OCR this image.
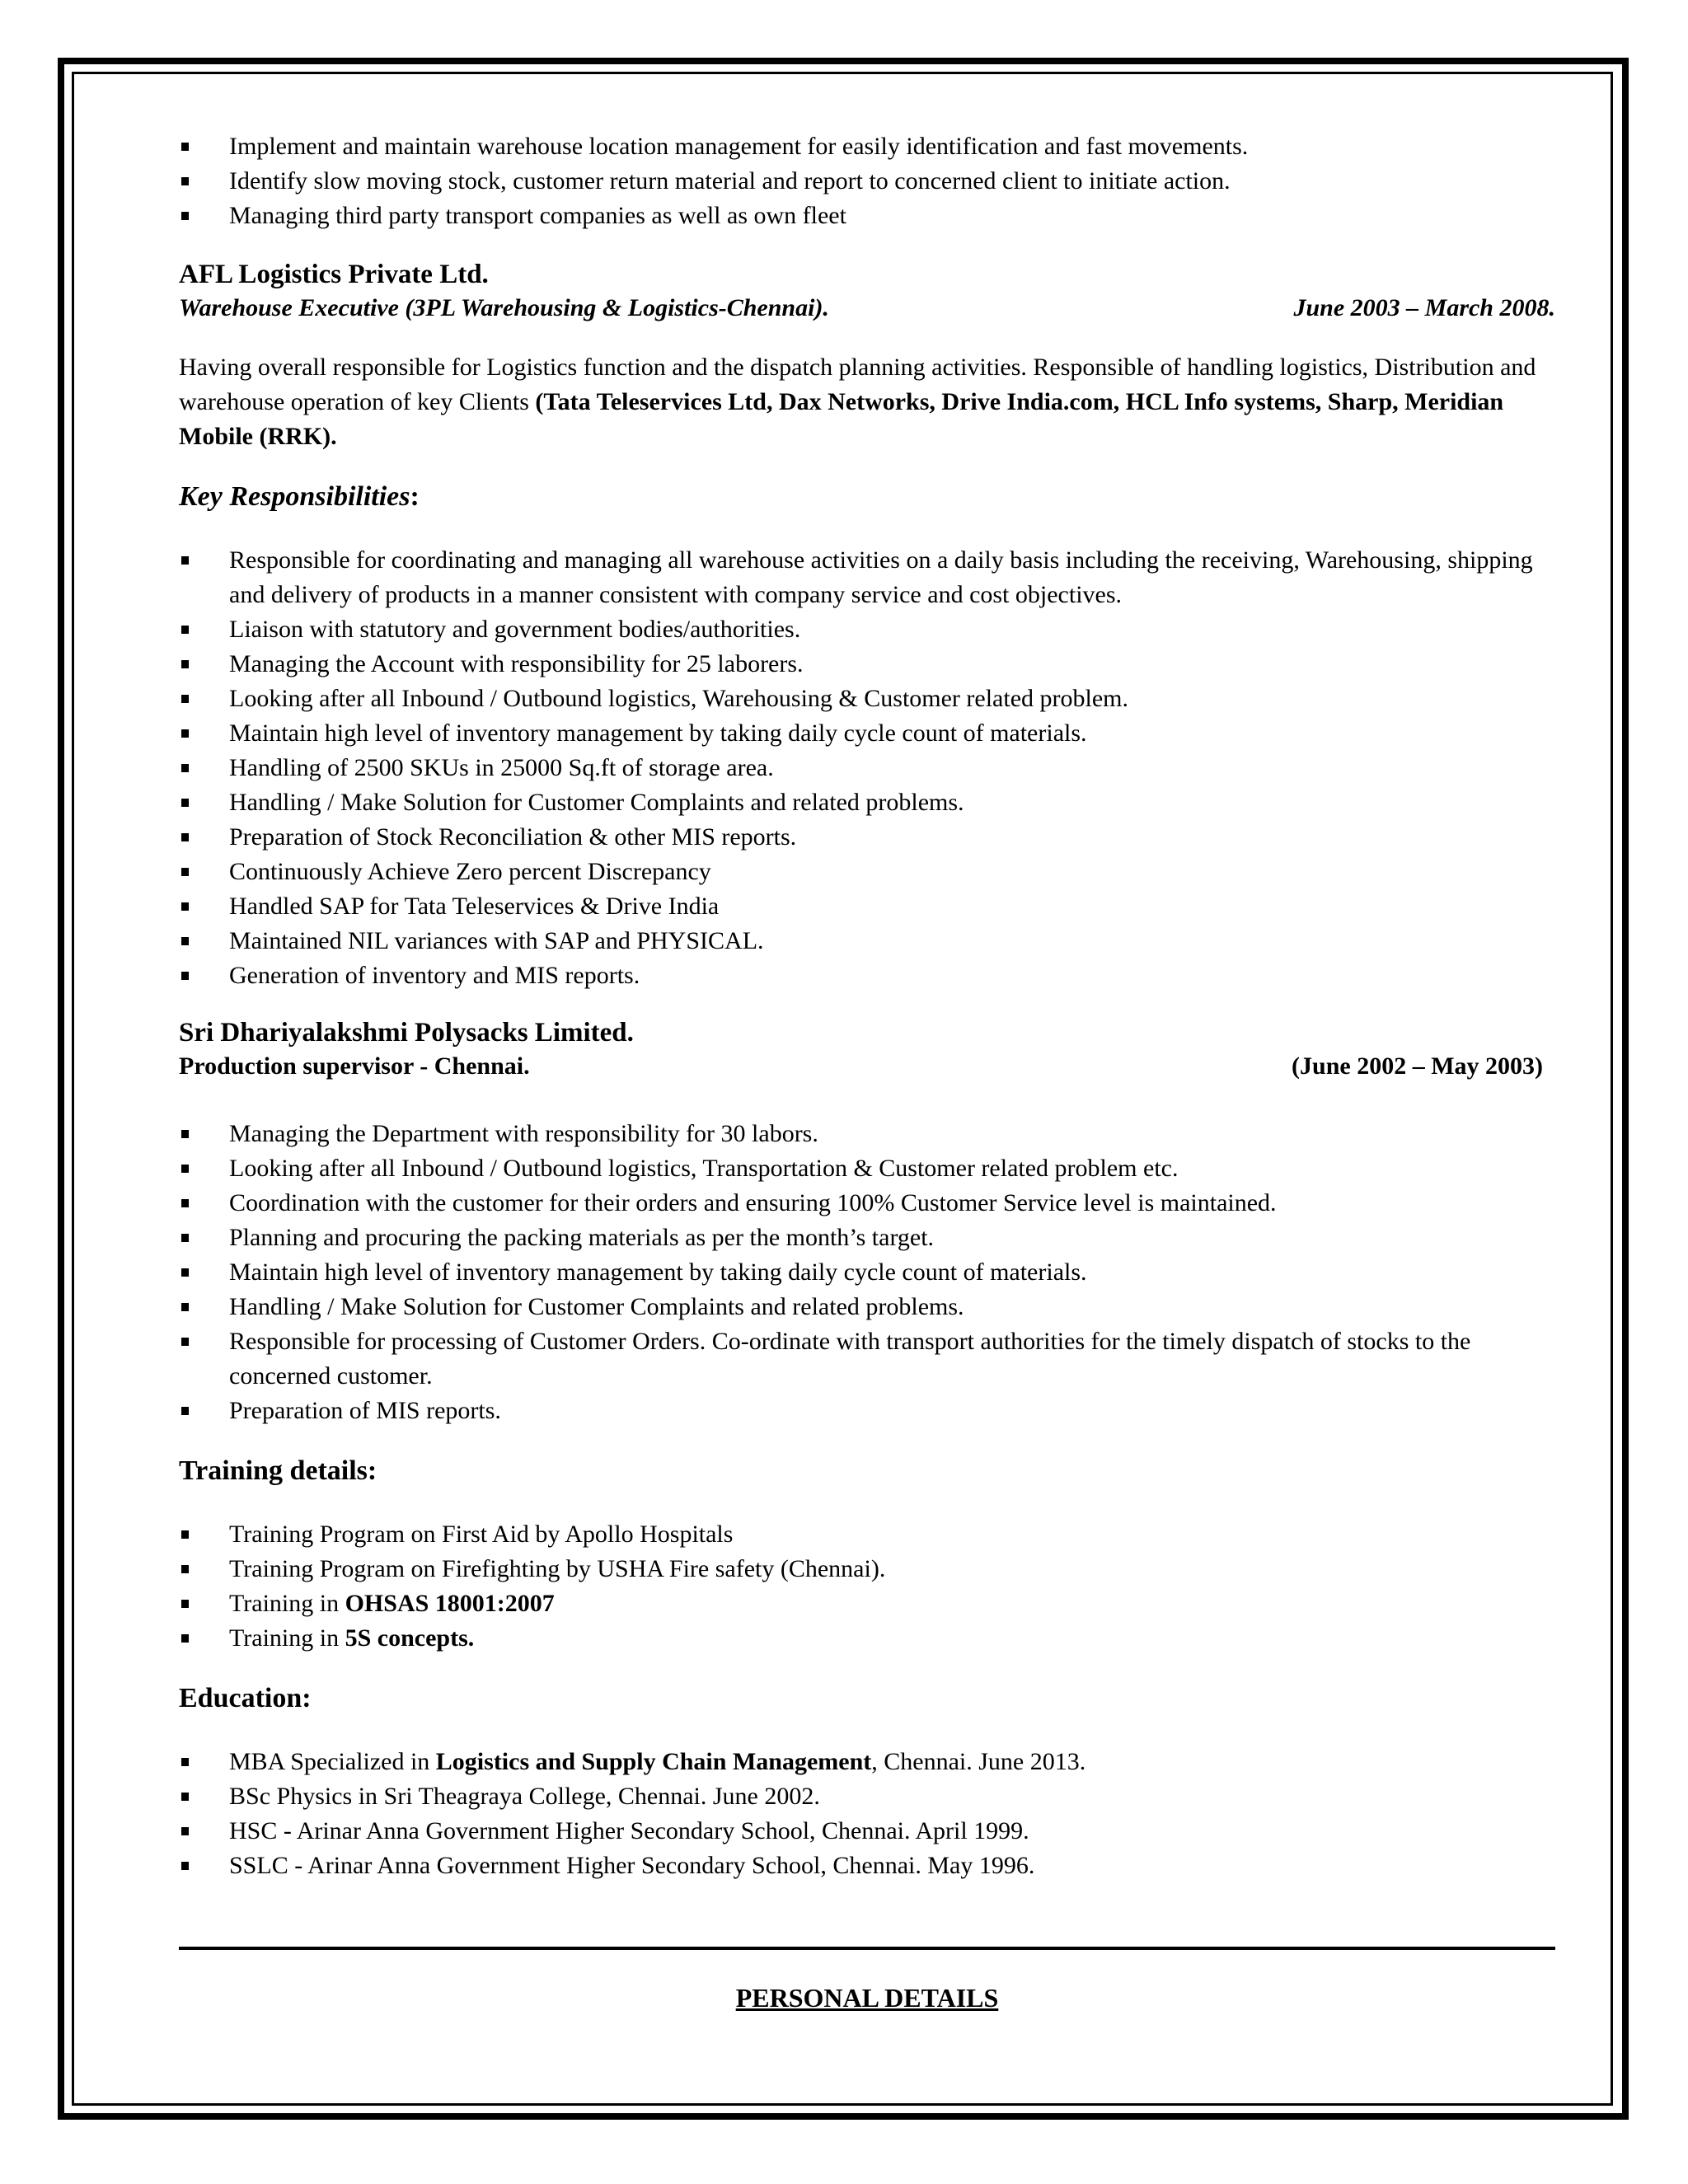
Implement and maintain warehouse location management for easily identification and fast movements.
Identify slow moving stock, customer return material and report to concerned client to initiate action.
Managing third party transport companies as well as own fleet
AFL Logistics Private Ltd.
Warehouse Executive (3PL Warehousing & Logistics-Chennai).	June 2003 – March 2008.

Having overall responsible for Logistics function and the dispatch planning activities. Responsible of handling logistics, Distribution and warehouse operation of key Clients (Tata Teleservices Ltd, Dax Networks, Drive India.com, HCL Info systems, Sharp, Meridian Mobile (RRK).

Key Responsibilities:
Responsible for coordinating and managing all warehouse activities on a daily basis including the receiving, Warehousing, shipping and delivery of products in a manner consistent with company service and cost objectives.
Liaison with statutory and government bodies/authorities.
Managing the Account with responsibility for 25 laborers.
Looking after all Inbound / Outbound logistics, Warehousing & Customer related problem.
Maintain high level of inventory management by taking daily cycle count of materials.
Handling of 2500 SKUs in 25000 Sq.ft of storage area.
Handling / Make Solution for Customer Complaints and related problems.
Preparation of Stock Reconciliation & other MIS reports.
Continuously Achieve Zero percent Discrepancy
Handled SAP for Tata Teleservices & Drive India
Maintained NIL variances with SAP and PHYSICAL.
Generation of inventory and MIS reports.
Sri Dhariyalakshmi Polysacks Limited.
Production supervisor - Chennai.	(June 2002 – May 2003)
Managing the Department with responsibility for 30 labors.
Looking after all Inbound / Outbound logistics, Transportation & Customer related problem etc.
Coordination with the customer for their orders and ensuring 100% Customer Service level is maintained.
Planning and procuring the packing materials as per the month’s target.
Maintain high level of inventory management by taking daily cycle count of materials.
Handling / Make Solution for Customer Complaints and related problems.
Responsible for processing of Customer Orders. Co-ordinate with transport authorities for the timely dispatch of stocks to the concerned customer.
Preparation of MIS reports.
Training details:
Training Program on First Aid by Apollo Hospitals
Training Program on Firefighting by USHA Fire safety (Chennai).
Training in OHSAS 18001:2007
Training in 5S concepts.
Education:
MBA Specialized in Logistics and Supply Chain Management, Chennai. June 2013.
BSc Physics in Sri Theagraya College, Chennai. June 2002.
HSC - Arinar Anna Government Higher Secondary School, Chennai. April 1999.
SSLC - Arinar Anna Government Higher Secondary School, Chennai. May 1996.
PERSONAL DETAILS
